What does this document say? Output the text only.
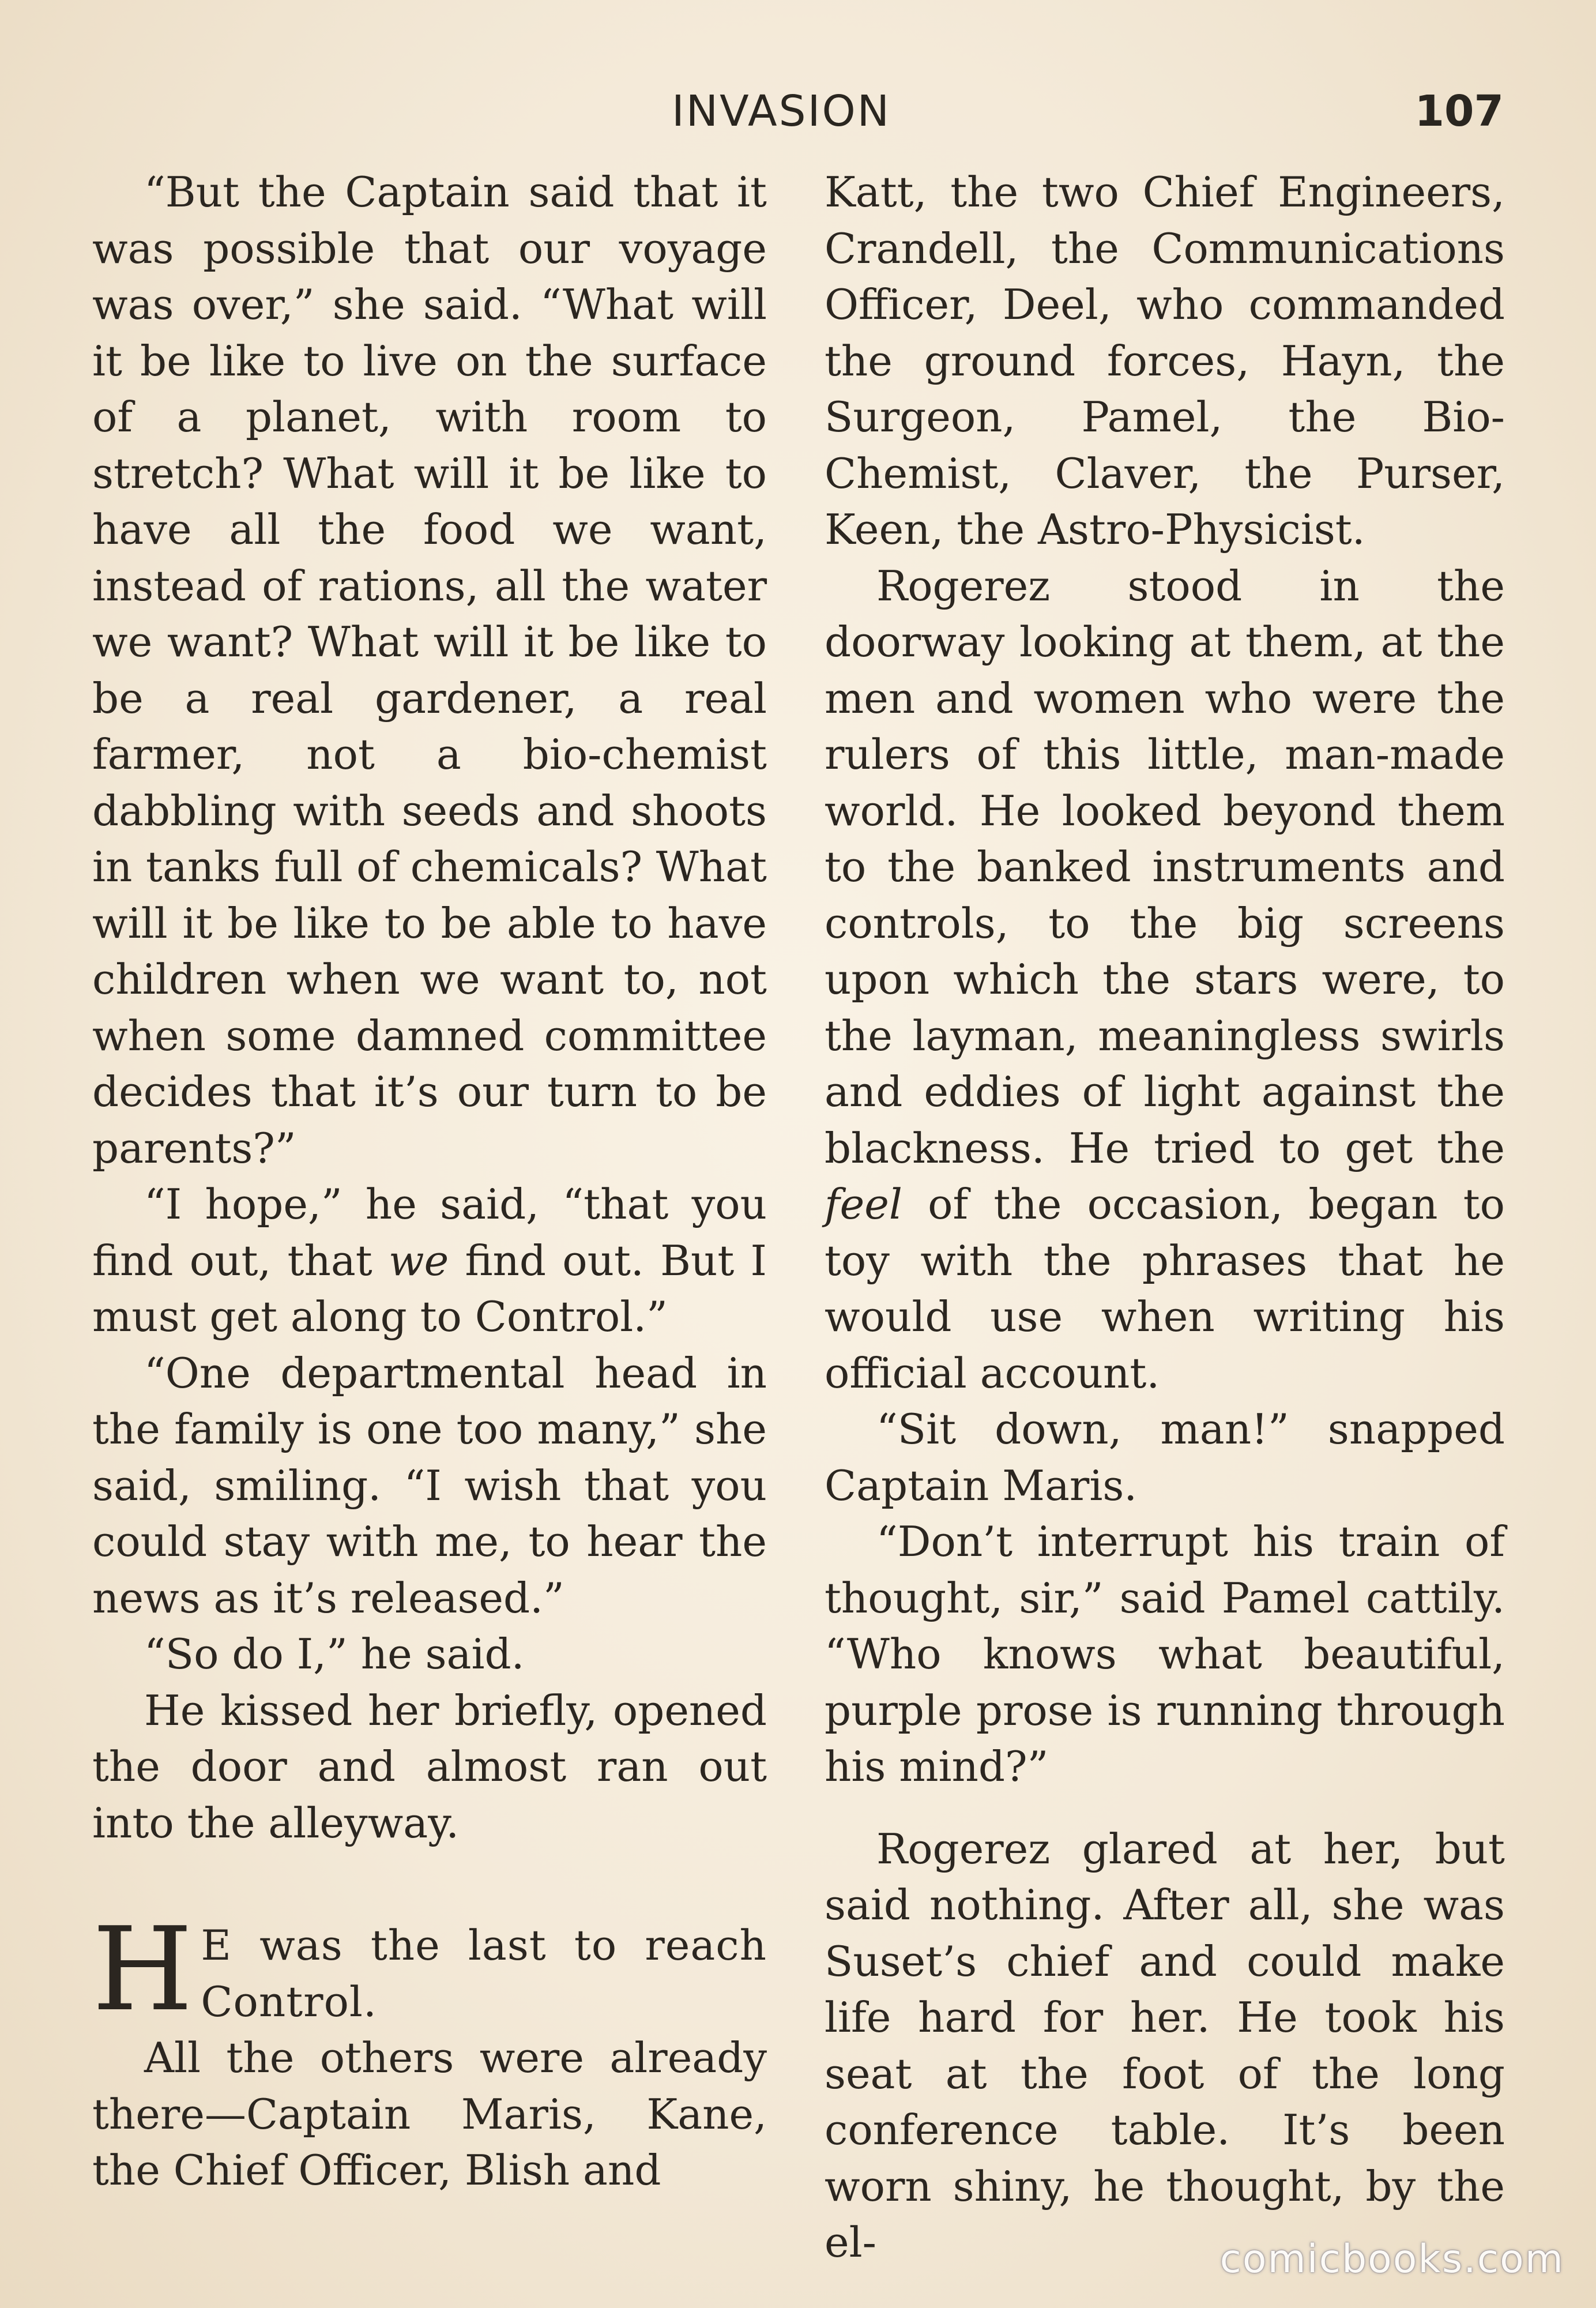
INVASION	107

“But the Captain said that it was possible that our voyage was over,” she said. “What will it be like to live on the surface of a planet, with room to stretch? What will it be like to have all the food we want, instead of rations, all the water we want? What will it be like to be a real gardener, a real farmer, not a bio-chemist dabbling with seeds and shoots in tanks full of chemicals? What will it be like to be able to have children when we want to, not when some damned committee decides that it’s our turn to be parents?”

“I hope,” he said, “that you find out, that we find out. But I must get along to Control.”

“One departmental head in the family is one too many,” she said, smiling. “I wish that you could stay with me, to hear the news as it’s released.”

“So do I,” he said.

He kissed her briefly, opened the door and almost ran out into the alleyway.

H E was the last to reach Control.

All the others were already there—Captain Maris, Kane, the Chief Officer, Blish and

Katt, the two Chief Engineers, Crandell, the Communications Officer, Deel, who commanded the ground forces, Hayn, the Surgeon, Pamel, the Bio-Chemist, Claver, the Purser, Keen, the Astro-Physicist.

Rogerez stood in the doorway looking at them, at the men and women who were the rulers of this little, man-made world. He looked beyond them to the banked instruments and controls, to the big screens upon which the stars were, to the layman, meaningless swirls and eddies of light against the blackness. He tried to get the feel of the occasion, began to toy with the phrases that he would use when writing his official account.

“Sit down, man!” snapped Captain Maris.

“Don’t interrupt his train of thought, sir,” said Pamel cattily. “Who knows what beautiful, purple prose is running through his mind?”

Rogerez glared at her, but said nothing. After all, she was Suset’s chief and could make life hard for her. He took his seat at the foot of the long conference table. It’s been worn shiny, he thought, by the el-	comicbooks.com
